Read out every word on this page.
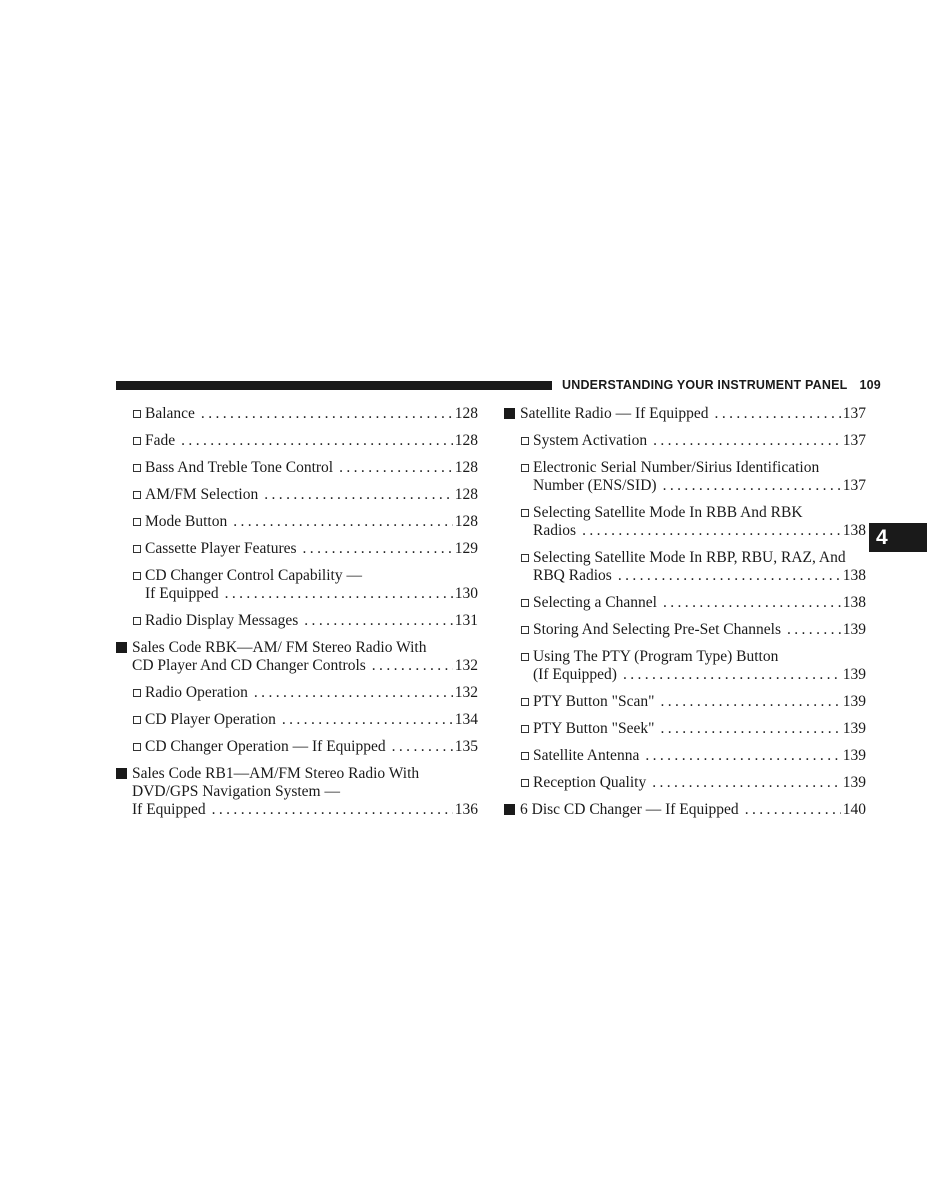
UNDERSTANDING YOUR INSTRUMENT PANEL 109
4
Balance .....	128
Fade .....	128
Bass And Treble Tone Control .....	128
AM/FM Selection .....	128
Mode Button .....	128
Cassette Player Features .....	129
CD Changer Control Capability —
If Equipped .....	130
Radio Display Messages .....	131
Sales Code RBK—AM/ FM Stereo Radio With
CD Player And CD Changer Controls .....	132
Radio Operation .....	132
CD Player Operation .....	134
CD Changer Operation — If Equipped .....	135
Sales Code RB1—AM/FM Stereo Radio With
DVD/GPS Navigation System —
If Equipped .....	136
Satellite Radio — If Equipped .....	137
System Activation .....	137
Electronic Serial Number/Sirius Identification
Number (ENS/SID) .....	137
Selecting Satellite Mode In RBB And RBK
Radios .....	138
Selecting Satellite Mode In RBP, RBU, RAZ, And
RBQ Radios .....	138
Selecting a Channel .....	138
Storing And Selecting Pre-Set Channels .....	139
Using The PTY (Program Type) Button
(If Equipped) .....	139
PTY Button "Scan" .....	139
PTY Button "Seek" .....	139
Satellite Antenna .....	139
Reception Quality .....	139
6 Disc CD Changer — If Equipped .....	140
